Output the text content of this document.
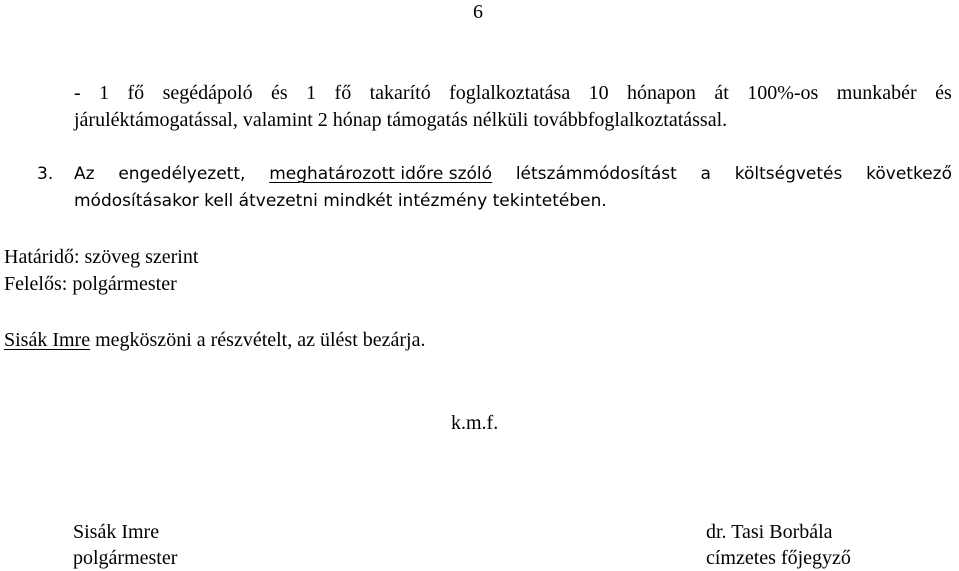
6
- 1 fő segédápoló és 1 fő takarító foglalkoztatása 10 hónapon át 100%-os munkabér és
járuléktámogatással, valamint 2 hónap támogatás nélküli továbbfoglalkoztatással.
3. Az engedélyezett, meghatározott időre szóló létszámmódosítást a költségvetés következő
módosításakor kell átvezetni mindkét intézmény tekintetében.
Határidő: szöveg szerint
Felelős: polgármester
Sisák Imre megköszöni a részvételt, az ülést bezárja.
k.m.f.
Sisák Imre
polgármester
dr. Tasi Borbála
címzetes főjegyző
